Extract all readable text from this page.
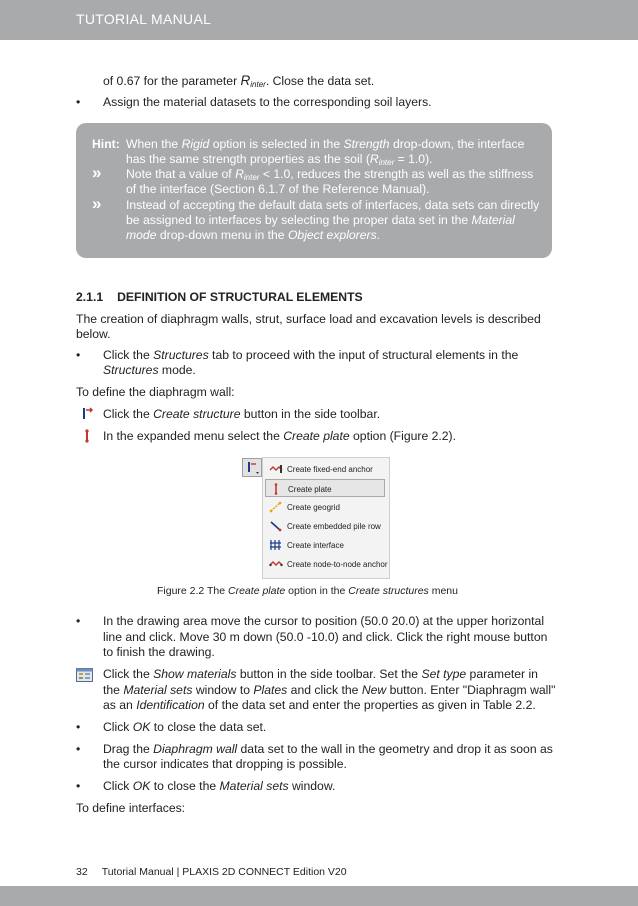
TUTORIAL MANUAL
of 0.67 for the parameter $R_{inter}$. Close the data set.
• Assign the material datasets to the corresponding soil layers.
Hint:
»
»
When the Rigid option is selected in the Strength drop-down, the interface
has the same strength properties as the soil $(R_{inter} = 1.0)$.
Note that a value of $R_{inter} < 1.0$, reduces the strength as well as the stiffness
of the interface (Section 6.1.7 of the Reference Manual).
Instead of accepting the default data sets of interfaces, data sets can directly
be assigned to interfaces by selecting the proper data set in the Material
mode drop-down menu in the Object explorers.
2.1.1 DEFINITION OF STRUCTURAL ELEMENTS
The creation of diaphragm walls, strut, surface load and excavation levels is described
below.
• Click the Structures tab to proceed with the input of structural elements in the
Structures mode.
To define the diaphragm wall:
Click the Create structure button in the side toolbar.
In the expanded menu select the Create plate option (Figure 2.2).
Create fixed-end anchor
Create plate
Create geogrid
Create embedded pile row
Create interface
Create node-to-node anchor
Figure 2.2 The Create plate option in the Create structures menu
• In the drawing area move the cursor to position (50.0 20.0) at the upper horizontal
line and click. Move 30 m down (50.0 -10.0) and click. Click the right mouse button
to finish the drawing.
Click the Show materials button in the side toolbar. Set the Set type parameter in
the Material sets window to Plates and click the New button. Enter "Diaphragm wall"
as an Identification of the data set and enter the properties as given in Table 2.2.
• Click OK to close the data set.
• Drag the Diaphragm wall data set to the wall in the geometry and drop it as soon as
the cursor indicates that dropping is possible.
• Click OK to close the Material sets window.
To define interfaces:
32 Tutorial Manual | PLAXIS 2D CONNECT Edition V20
